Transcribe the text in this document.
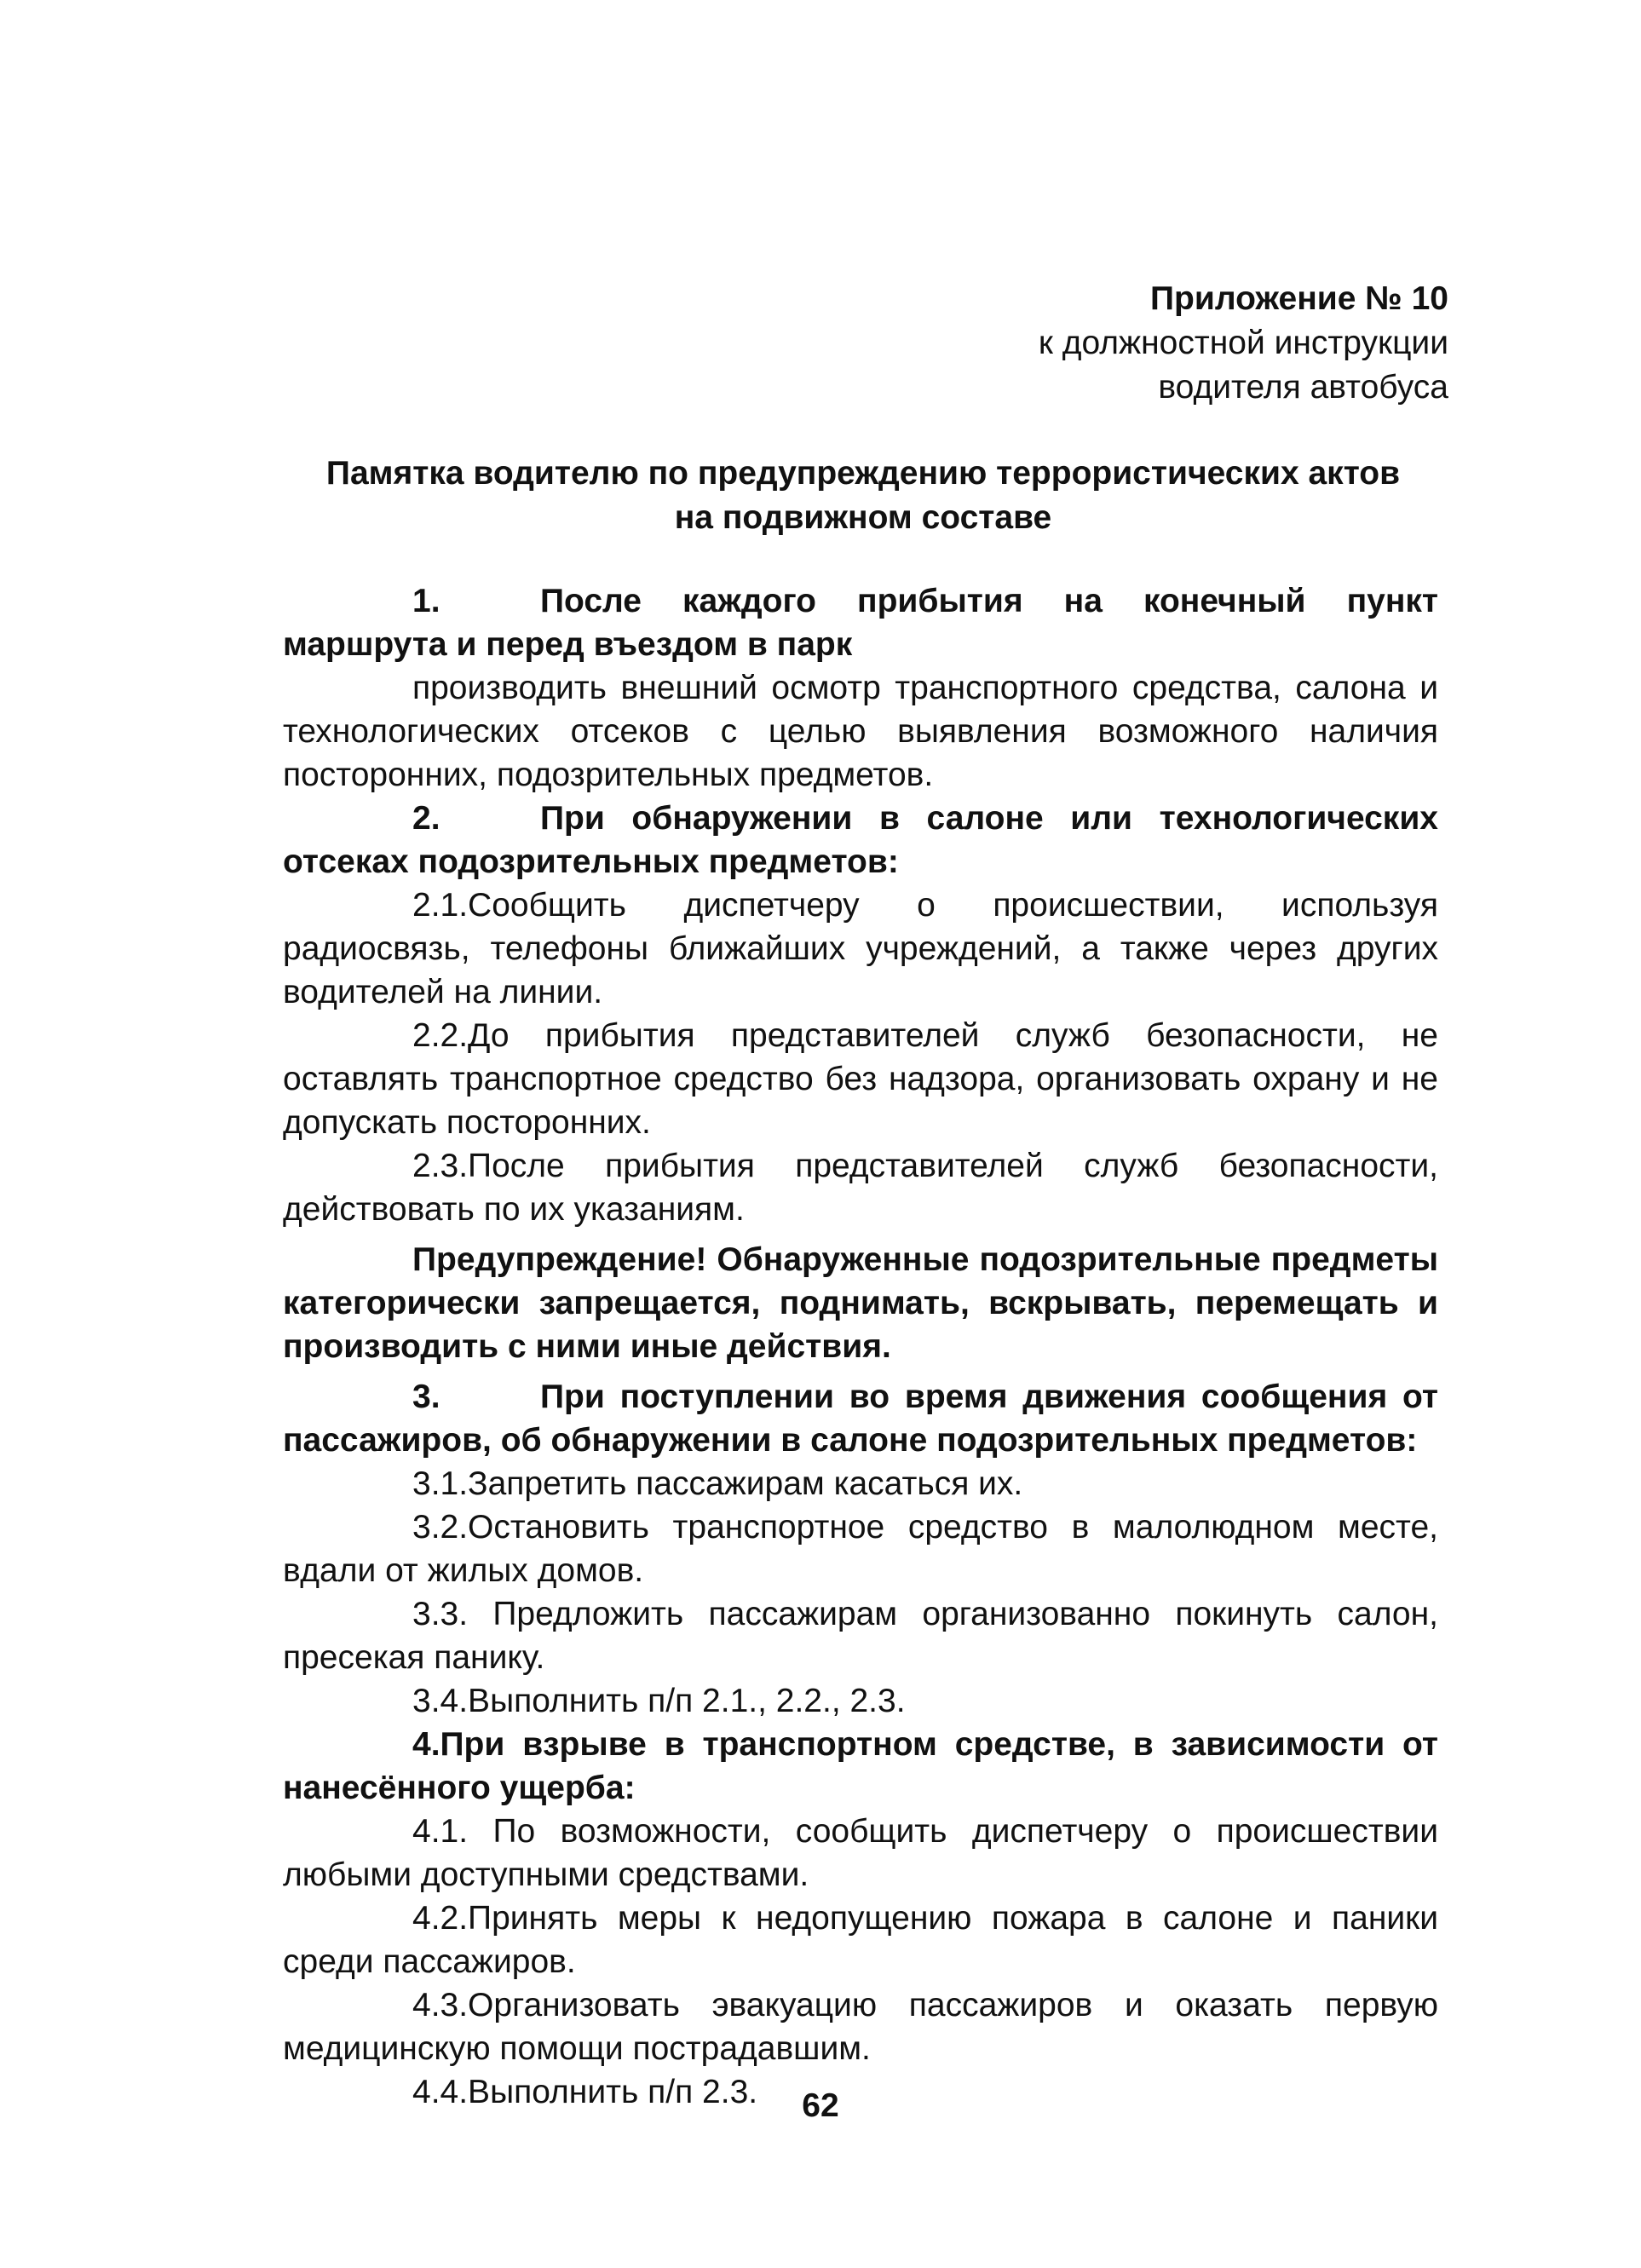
Приложение № 10
к должностной инструкции
водителя автобуса
Памятка водителю по предупреждению террористических актов
на подвижном составе

1.	После каждого прибытия на конечный пункт маршрута и перед въездом в парк

производить внешний осмотр транспортного средства, салона и технологических отсеков с целью выявления возможного наличия посторонних, подозрительных предметов.

2.	При обнаружении в салоне или технологических отсеках подозрительных предметов:

2.1.Сообщить диспетчеру о происшествии, используя радиосвязь, телефоны ближайших учреждений, а также через других водителей на линии.

2.2.До прибытия представителей служб безопасности, не оставлять транспортное средство без надзора, организовать охрану и не допускать посторонних.

2.3.После прибытия представителей служб безопасности, действовать по их указаниям.

Предупреждение! Обнаруженные подозрительные предметы категорически запрещается, поднимать, вскрывать, перемещать и производить с ними иные действия.

3.	При поступлении во время движения сообщения от пассажиров, об обнаружении в салоне подозрительных предметов:

3.1.Запретить пассажирам касаться их.

3.2.Остановить транспортное средство в малолюдном месте, вдали от жилых домов.

3.3. Предложить пассажирам организованно покинуть салон, пресекая панику.

3.4.Выполнить п/п 2.1., 2.2., 2.3.

4.При взрыве в транспортном средстве, в зависимости от нанесённого ущерба:

4.1. По возможности, сообщить диспетчеру о происшествии любыми доступными средствами.

4.2.Принять меры к недопущению пожара в салоне и паники среди пассажиров.

4.3.Организовать эвакуацию пассажиров и оказать первую медицинскую помощи пострадавшим.

4.4.Выполнить п/п 2.3.	62
